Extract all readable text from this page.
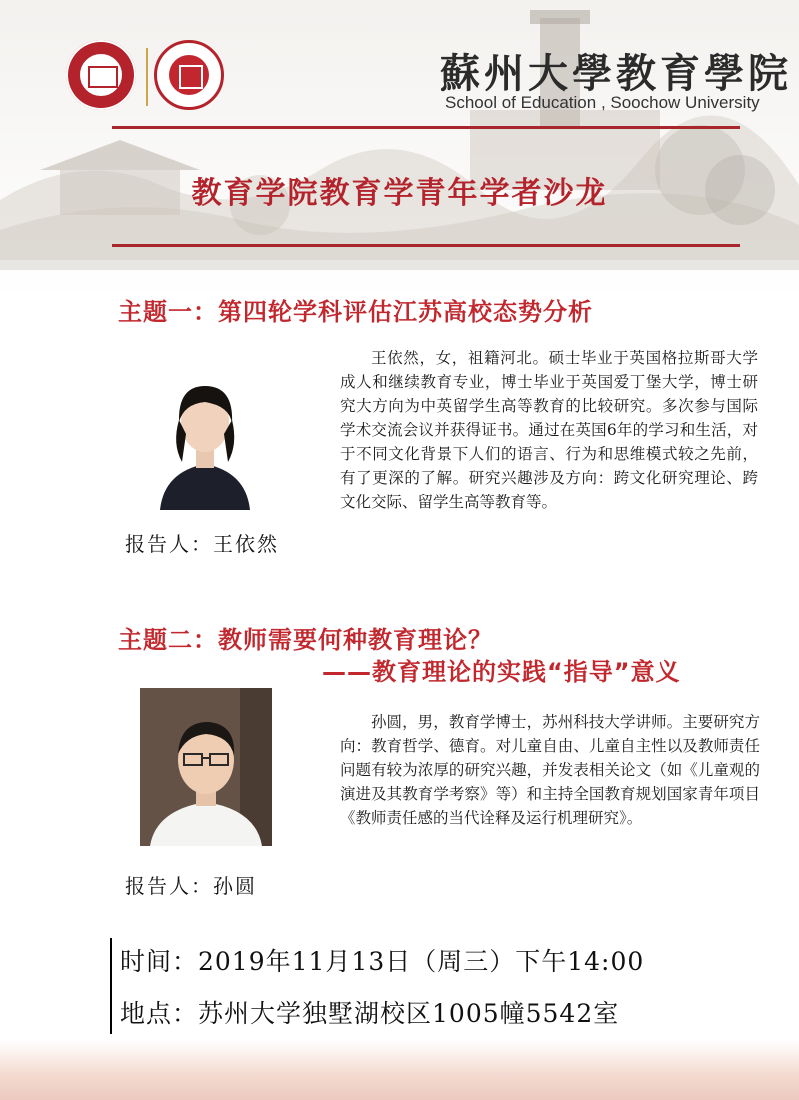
蘇州大學教育學院
School of Education , Soochow University
教育学院教育学青年学者沙龙
主题一：第四轮学科评估江苏高校态势分析
报告人：王依然

王依然，女，祖籍河北。硕士毕业于英国格拉斯哥大学成人和继续教育专业，博士毕业于英国爱丁堡大学，博士研究大方向为中英留学生高等教育的比较研究。多次参与国际学术交流会议并获得证书。通过在英国6年的学习和生活，对于不同文化背景下人们的语言、行为和思维模式较之先前，有了更深的了解。研究兴趣涉及方向：跨文化研究理论、跨文化交际、留学生高等教育等。

主题二：教师需要何种教育理论？
——教育理论的实践“指导”意义
报告人：孙圆

孙圆，男，教育学博士，苏州科技大学讲师。主要研究方向：教育哲学、德育。对儿童自由、儿童自主性以及教师责任问题有较为浓厚的研究兴趣，并发表相关论文（如《儿童观的演进及其教育学考察》等）和主持全国教育规划国家青年项目《教师责任感的当代诠释及运行机理研究》。

时间：2019年11月13日（周三）下午14:00
地点：苏州大学独墅湖校区1005幢5542室
